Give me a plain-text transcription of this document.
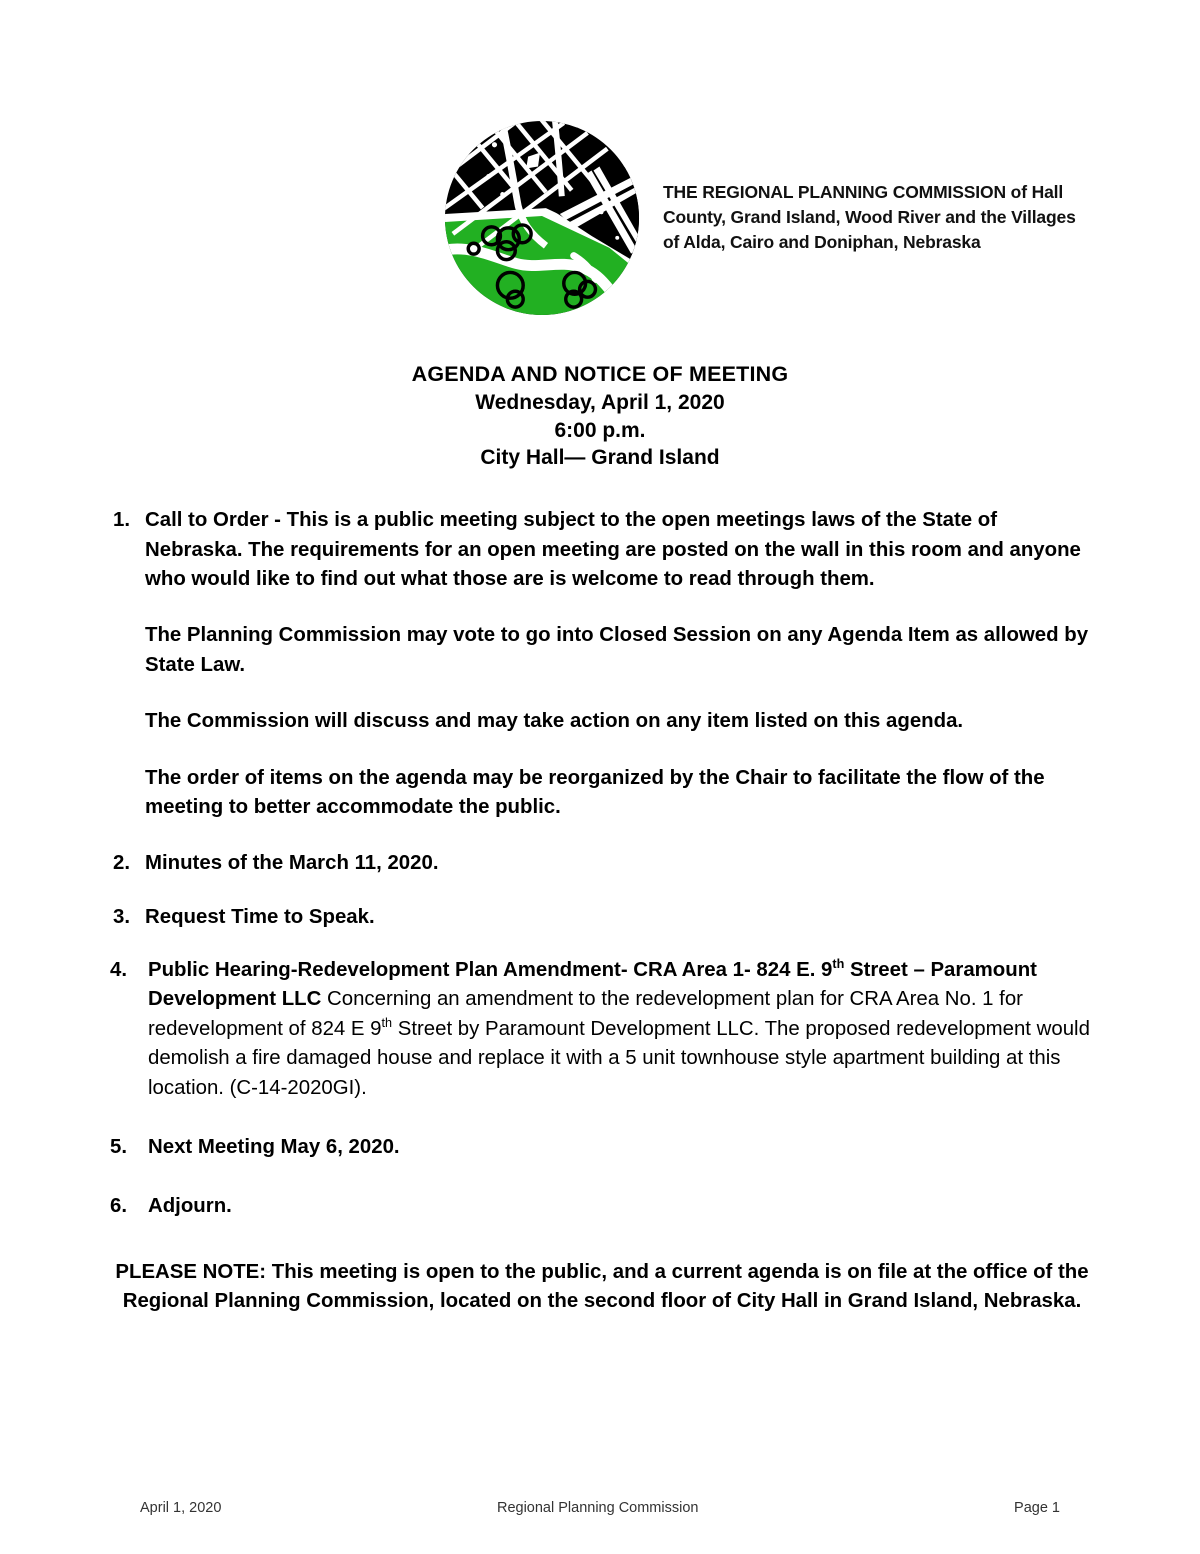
THE REGIONAL PLANNING COMMISSION of Hall
County, Grand Island, Wood River and the Villages
of Alda, Cairo and Doniphan, Nebraska
AGENDA AND NOTICE OF MEETING
Wednesday, April 1, 2020
6:00 p.m.
City Hall— Grand Island
1. Call to Order - This is a public meeting subject to the open meetings laws of the State of Nebraska. The requirements for an open meeting are posted on the wall in this room and anyone who would like to find out what those are is welcome to read through them.

The Planning Commission may vote to go into Closed Session on any Agenda Item as allowed by State Law.

The Commission will discuss and may take action on any item listed on this agenda.

The order of items on the agenda may be reorganized by the Chair to facilitate the flow of the meeting to better accommodate the public.

2. Minutes of the March 11, 2020.

3. Request Time to Speak.

4.	Public Hearing-Redevelopment Plan Amendment- CRA Area 1- 824 E. 9th Street – Paramount Development LLC Concerning an amendment to the redevelopment plan for CRA Area No. 1 for redevelopment of 824 E 9th Street by Paramount Development LLC. The proposed redevelopment would demolish a fire damaged house and replace it with a 5 unit townhouse style apartment building at this location. (C-14-2020GI).

5.	Next Meeting May 6, 2020.

6.	Adjourn.

PLEASE NOTE: This meeting is open to the public, and a current agenda is on file at the office of the Regional Planning Commission, located on the second floor of City Hall in Grand Island, Nebraska.
April 1, 2020	Regional Planning Commission	Page 1
